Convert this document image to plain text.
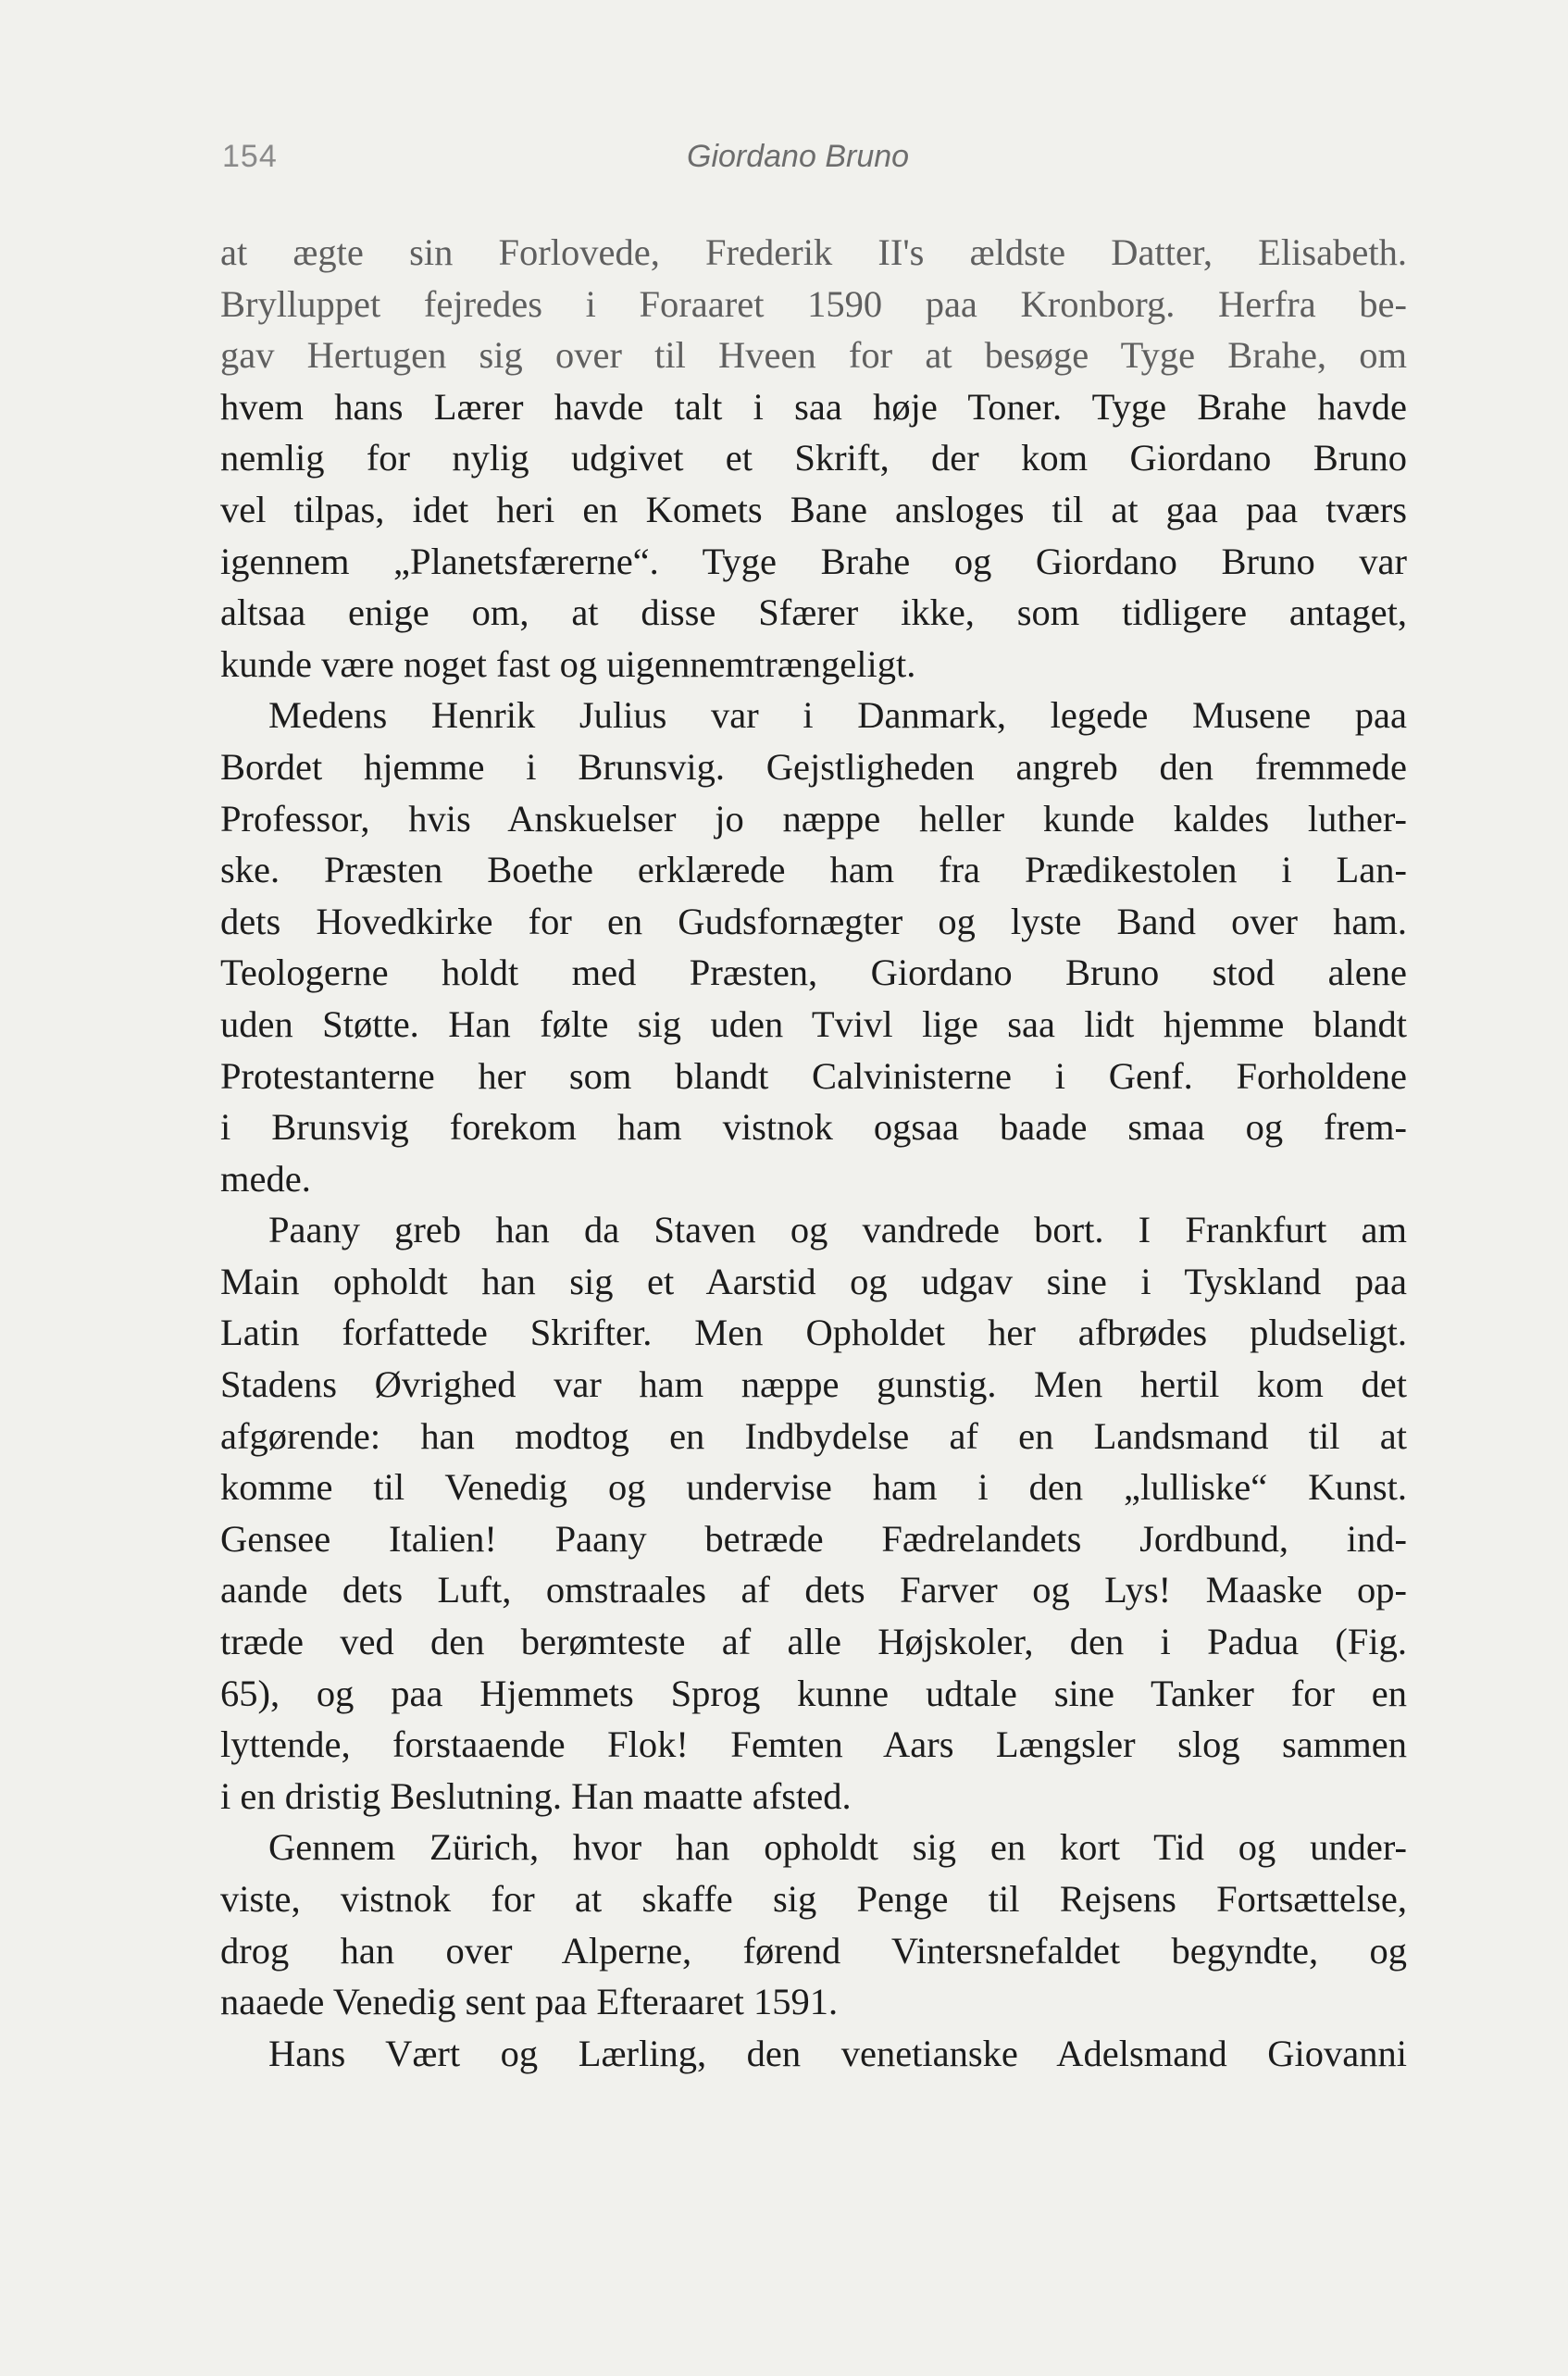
154	Giordano Bruno
at ægte sin Forlovede, Frederik II's ældste Datter, Elisabeth.
Brylluppet fejredes i Foraaret 1590 paa Kronborg. Herfra be-
gav Hertugen sig over til Hveen for at besøge Tyge Brahe, om
hvem hans Lærer havde talt i saa høje Toner. Tyge Brahe havde
nemlig for nylig udgivet et Skrift, der kom Giordano Bruno
vel tilpas, idet heri en Komets Bane ansloges til at gaa paa tværs
igennem „Planetsfærerne“. Tyge Brahe og Giordano Bruno var
altsaa enige om, at disse Sfærer ikke, som tidligere antaget,
kunde være noget fast og uigennemtrængeligt.
Medens Henrik Julius var i Danmark, legede Musene paa
Bordet hjemme i Brunsvig. Gejstligheden angreb den fremmede
Professor, hvis Anskuelser jo næppe heller kunde kaldes luther-
ske. Præsten Boethe erklærede ham fra Prædikestolen i Lan-
dets Hovedkirke for en Gudsfornægter og lyste Band over ham.
Teologerne holdt med Præsten, Giordano Bruno stod alene
uden Støtte. Han følte sig uden Tvivl lige saa lidt hjemme blandt
Protestanterne her som blandt Calvinisterne i Genf. Forholdene
i Brunsvig forekom ham vistnok ogsaa baade smaa og frem-
mede.
Paany greb han da Staven og vandrede bort. I Frankfurt am
Main opholdt han sig et Aarstid og udgav sine i Tyskland paa
Latin forfattede Skrifter. Men Opholdet her afbrødes pludseligt.
Stadens Øvrighed var ham næppe gunstig. Men hertil kom det
afgørende: han modtog en Indbydelse af en Landsmand til at
komme til Venedig og undervise ham i den „lulliske“ Kunst.
Gensee Italien! Paany betræde Fædrelandets Jordbund, ind-
aande dets Luft, omstraales af dets Farver og Lys! Maaske op-
træde ved den berømteste af alle Højskoler, den i Padua (Fig.
65), og paa Hjemmets Sprog kunne udtale sine Tanker for en
lyttende, forstaaende Flok! Femten Aars Længsler slog sammen
i en dristig Beslutning. Han maatte afsted.
Gennem Zürich, hvor han opholdt sig en kort Tid og under-
viste, vistnok for at skaffe sig Penge til Rejsens Fortsættelse,
drog han over Alperne, førend Vintersnefaldet begyndte, og
naaede Venedig sent paa Efteraaret 1591.
Hans Vært og Lærling, den venetianske Adelsmand Giovanni
